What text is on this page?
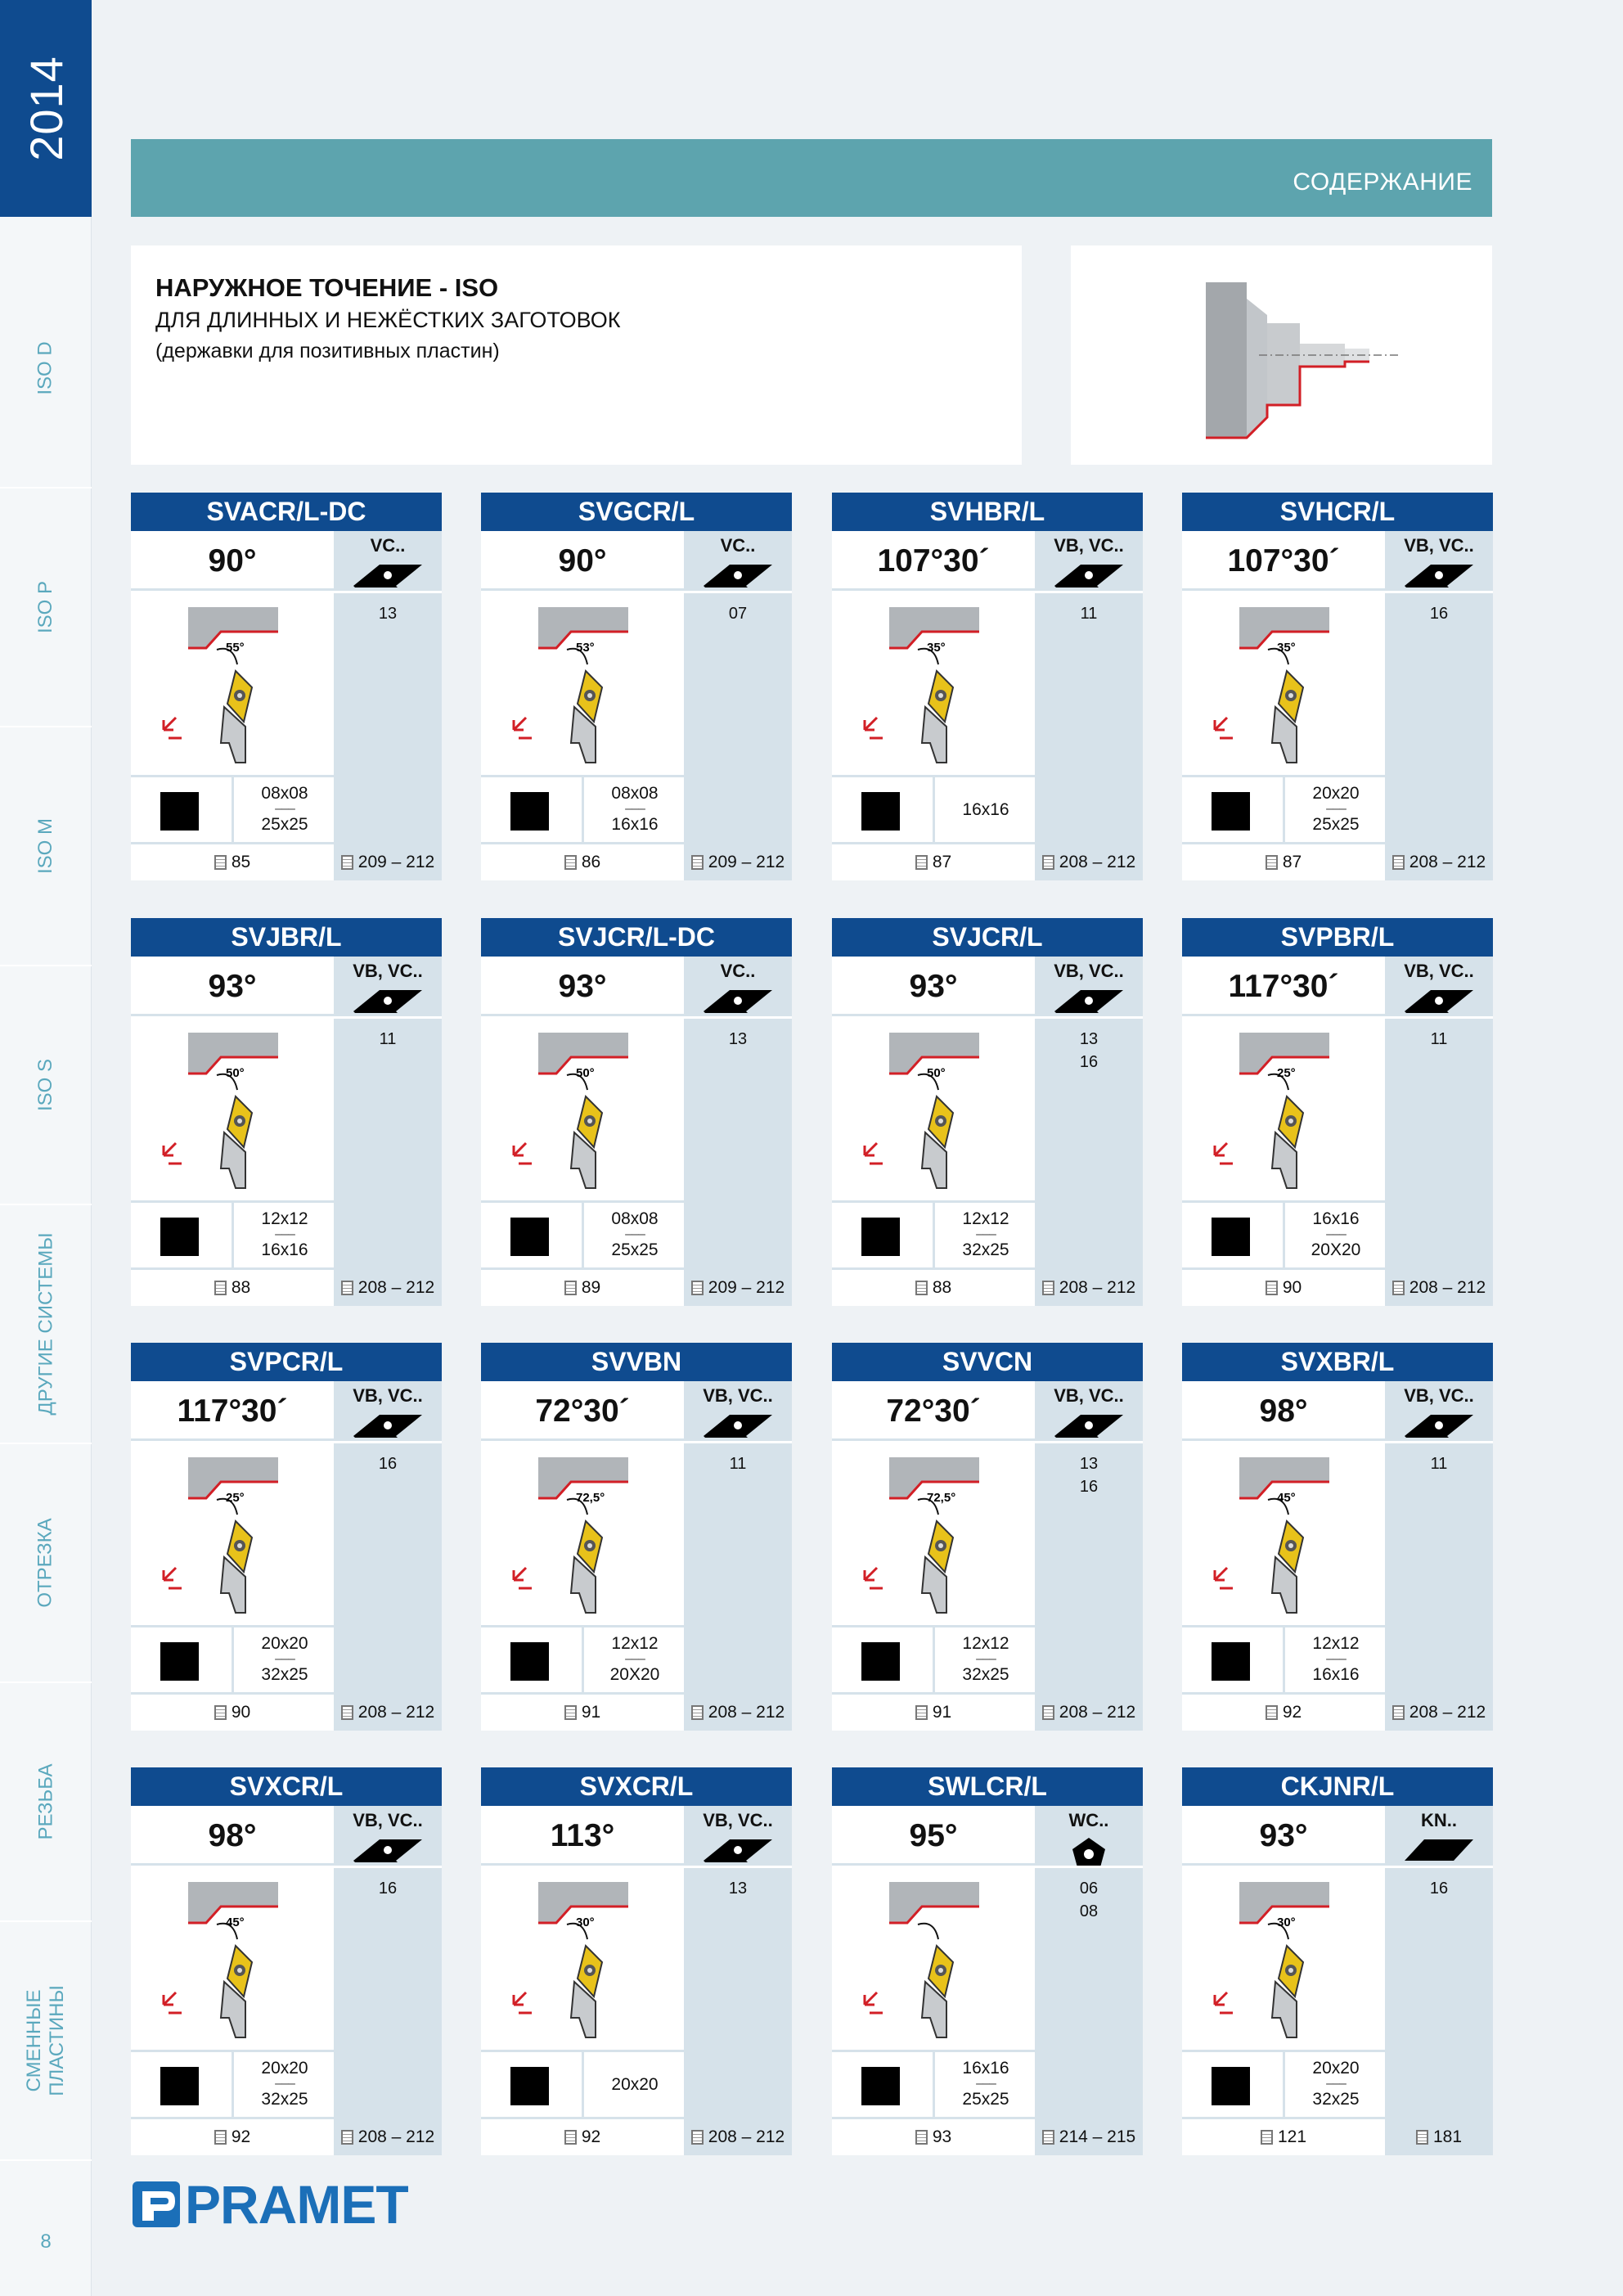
2014
ISO D
ISO P
ISO M
ISO S
ДРУГИЕ СИСТЕМЫ
ОТРЕЗКА
РЕЗЬБА
СМЕННЫЕ
ПЛАСТИНЫ
8
СОДЕРЖАНИЕ
НАРУЖНОЕ ТОЧЕНИЕ - ISO
ДЛЯ ДЛИННЫХ И НЕЖЁСТКИХ ЗАГОТОВОК
(державки для позитивных пластин)
SVACR/L-DC
90°	VC..
13
55°
08x08
–––
25x25
85	209 – 212
SVGCR/L
90°	VC..
07
53°
08x08
–––
16x16
86	209 – 212
SVHBR/L
107°30´	VB, VC..
11
35°
16x16
87	208 – 212
SVHCR/L
107°30´	VB, VC..
16
35°
20x20
–––
25x25
87	208 – 212
SVJBR/L
93°	VB, VC..
11
50°
12x12
–––
16x16
88	208 – 212
SVJCR/L-DC
93°	VC..
13
50°
08x08
–––
25x25
89	209 – 212
SVJCR/L
93°	VB, VC..
13
16
50°
12x12
–––
32x25
88	208 – 212
SVPBR/L
117°30´	VB, VC..
11
25°
16x16
–––
20X20
90	208 – 212
SVPCR/L
117°30´	VB, VC..
16
25°
20x20
–––
32x25
90	208 – 212
SVVBN
72°30´	VB, VC..
11
72,5°
12x12
–––
20X20
91	208 – 212
SVVCN
72°30´	VB, VC..
13
16
72,5°
12x12
–––
32x25
91	208 – 212
SVXBR/L
98°	VB, VC..
11
45°
12x12
–––
16x16
92	208 – 212
SVXCR/L
98°	VB, VC..
16
45°
20x20
–––
32x25
92	208 – 212
SVXCR/L
113°	VB, VC..
13
30°
20x20
92	208 – 212
SWLCR/L
95°	WC..
06
08
16x16
–––
25x25
93	214 – 215
CKJNR/L
93°	KN..
16
30°
20x20
–––
32x25
121	181
PRAMET
